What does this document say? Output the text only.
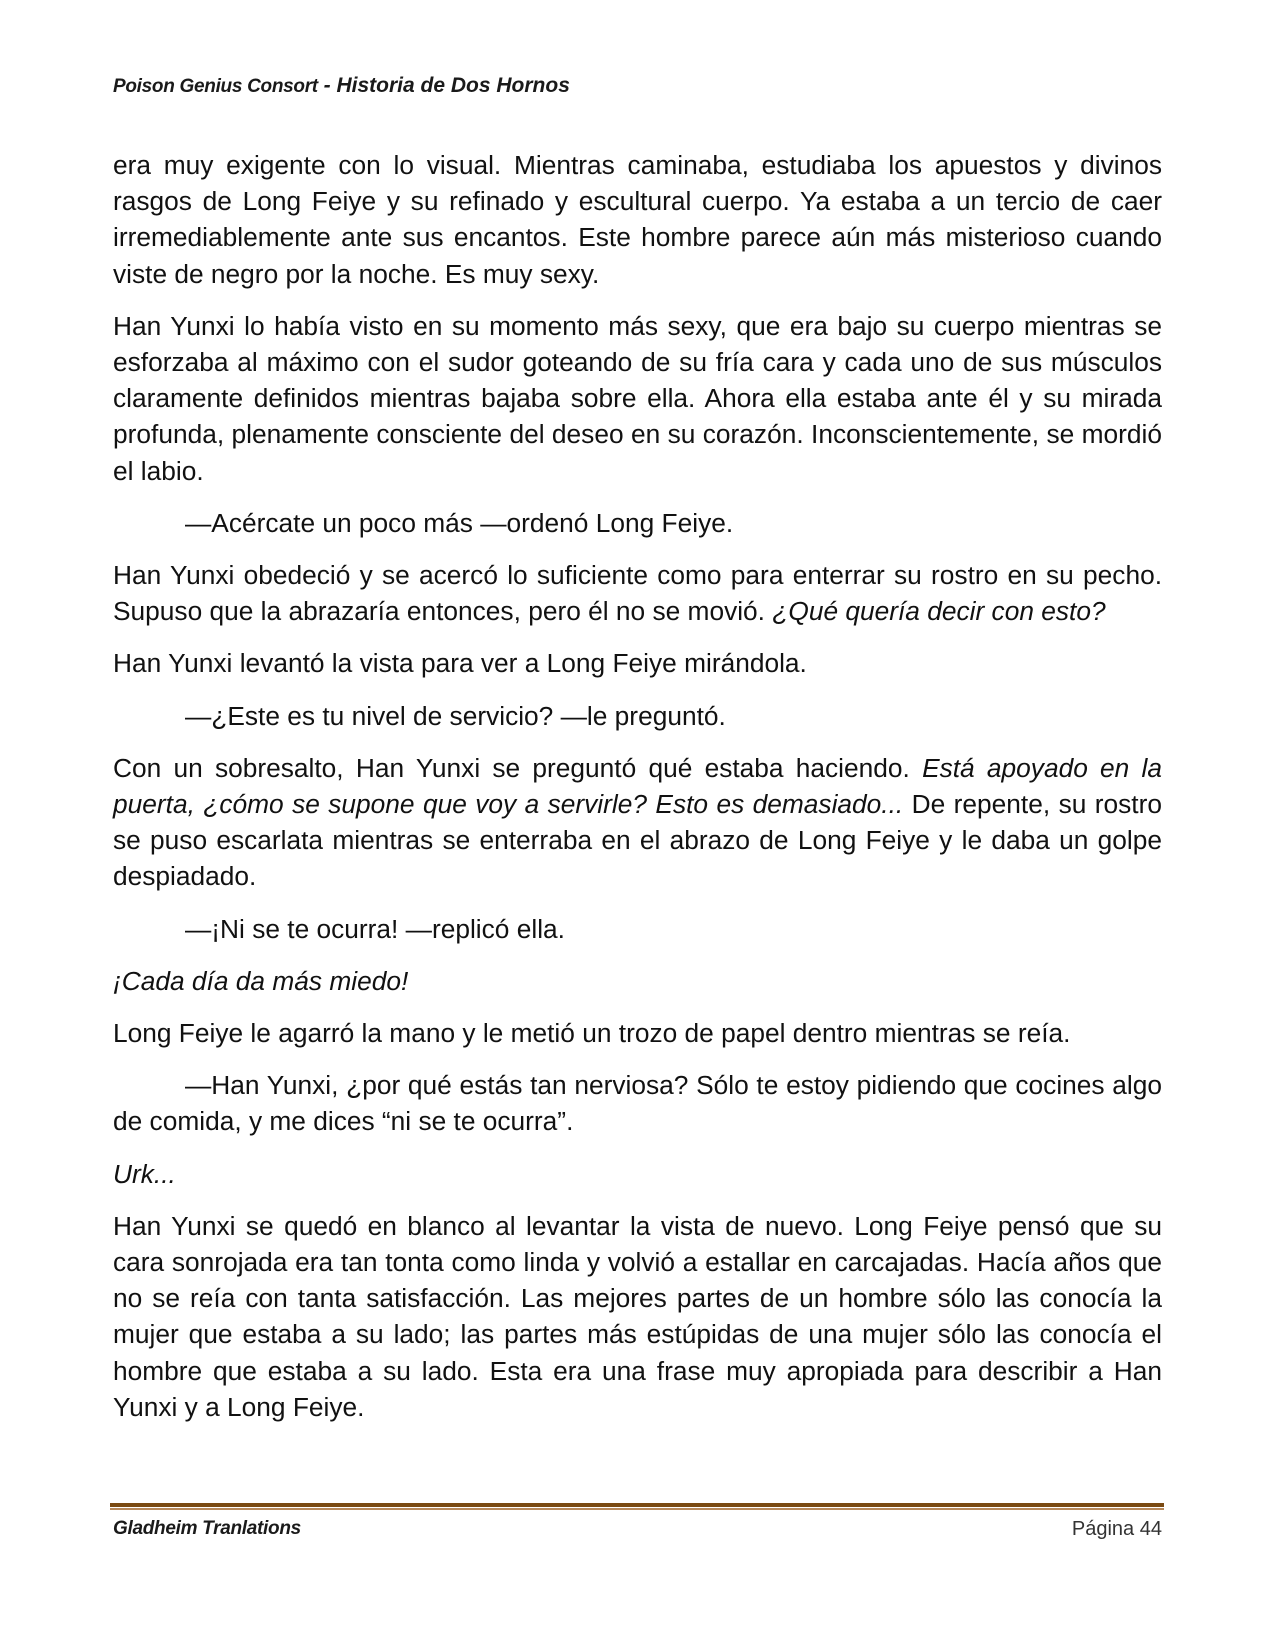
Poison Genius Consort - Historia de Dos Hornos

era muy exigente con lo visual. Mientras caminaba, estudiaba los apuestos y divinos rasgos de Long Feiye y su refinado y escultural cuerpo. Ya estaba a un tercio de caer irremediablemente ante sus encantos. Este hombre parece aún más misterioso cuando viste de negro por la noche. Es muy sexy.

Han Yunxi lo había visto en su momento más sexy, que era bajo su cuerpo mientras se esforzaba al máximo con el sudor goteando de su fría cara y cada uno de sus músculos claramente definidos mientras bajaba sobre ella. Ahora ella estaba ante él y su mirada profunda, plenamente consciente del deseo en su corazón. Inconscientemente, se mordió el labio.

—Acércate un poco más —ordenó Long Feiye.

Han Yunxi obedeció y se acercó lo suficiente como para enterrar su rostro en su pecho. Supuso que la abrazaría entonces, pero él no se movió. ¿Qué quería decir con esto?

Han Yunxi levantó la vista para ver a Long Feiye mirándola.

—¿Este es tu nivel de servicio? —le preguntó.

Con un sobresalto, Han Yunxi se preguntó qué estaba haciendo. Está apoyado en la puerta, ¿cómo se supone que voy a servirle? Esto es demasiado... De repente, su rostro se puso escarlata mientras se enterraba en el abrazo de Long Feiye y le daba un golpe despiadado.

—¡Ni se te ocurra! —replicó ella.

¡Cada día da más miedo!

Long Feiye le agarró la mano y le metió un trozo de papel dentro mientras se reía.

—Han Yunxi, ¿por qué estás tan nerviosa? Sólo te estoy pidiendo que cocines algo de comida, y me dices “ni se te ocurra”.

Urk...

Han Yunxi se quedó en blanco al levantar la vista de nuevo. Long Feiye pensó que su cara sonrojada era tan tonta como linda y volvió a estallar en carcajadas. Hacía años que no se reía con tanta satisfacción. Las mejores partes de un hombre sólo las conocía la mujer que estaba a su lado; las partes más estúpidas de una mujer sólo las conocía el hombre que estaba a su lado. Esta era una frase muy apropiada para describir a Han Yunxi y a Long Feiye.

Gladheim Tranlations	Página 44
